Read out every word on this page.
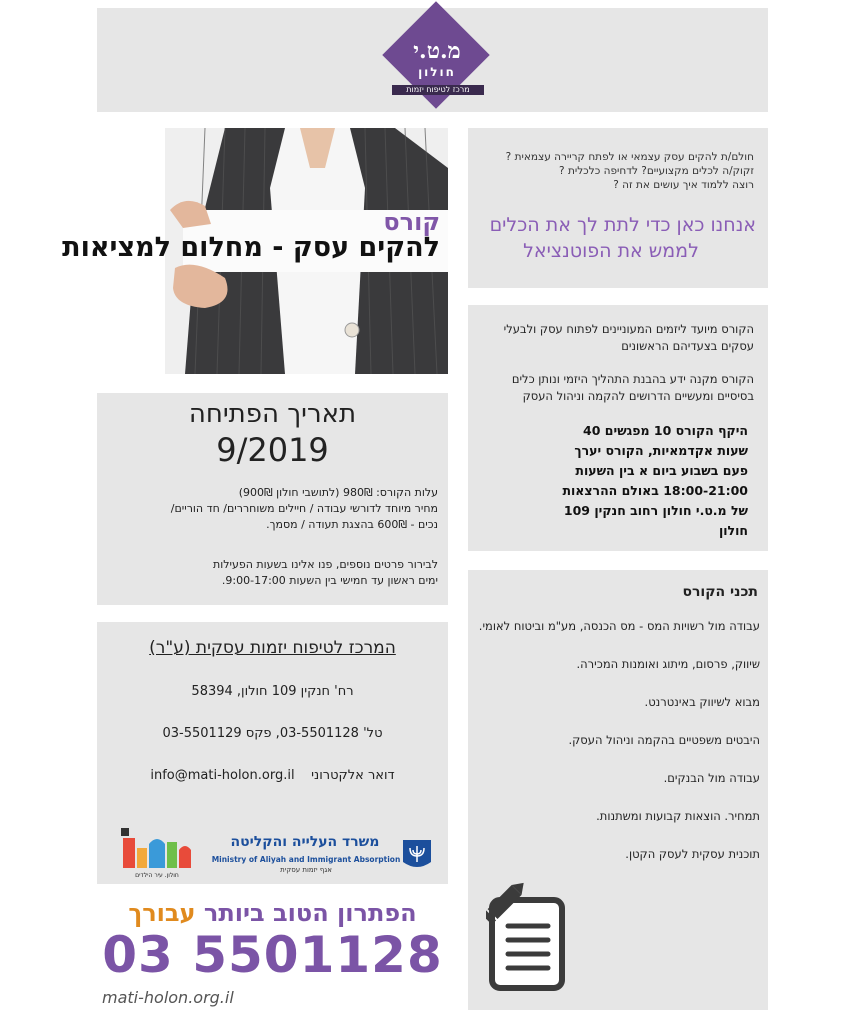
מ.ט.י
חולון
מרכז לטיפוח יזמות
קורס
להקים עסק - מחלום למציאות
חולם/ת להקים עסק עצמאי או לפתח קריירה עצמאית ?
זקוק/ה לכלים מקצועיים? לדחיפה כלכלית ?
רוצה ללמוד איך עושים את זה ?
אנחנו כאן כדי לתת לך את הכלים
לממש את הפוטנציאל
הקורס מיועד ליזמים המעוניינים לפתוח עסק ולבעלי עסקים בצעדיהם הראשונים
הקורס מקנה ידע בהבנת התהליך היזמי ונותן כלים בסיסיים ומעשיים הדרושים להקמה וניהול העסק
היקף הקורס 10 מפגשים 40
שעות אקדמאיות, הקורס יערך
פעם בשבוע ביום א בין השעות
18:00-21:00 באולם ההרצאות
של מ.ט.י חולון רחוב חנקין 109
חולון
תאריך הפתיחה
9/2019
עלות הקורס: 980₪ (לתושבי חולון 900₪)
מחיר מיוחד לדורשי עבודה / חיילים משוחררים/ חד הוריים/
נכים - 600₪ בהצגת תעודה / מסמך.
לבירור פרטים נוספים, פנו אלינו בשעות הפעילות
ימים ראשון עד חמישי בין השעות 9:00-17:00.
תכני הקורס
עבודה מול רשויות המס - מס הכנסה, מע"מ וביטוח לאומי.
שיווק, פרסום, מיתוג ואומנות המכירה.
מבוא לשיווק באינטרנט.
היבטים משפטיים בהקמה וניהול העסק.
עבודה מול הבנקים.
תמחיר. הוצאות קבועות ומשתנות.
תוכנית עסקית לעסק הקטן.
המרכז לטיפוח יזמות עסקית (ע"ר)
רח' חנקין 109 חולון, 58394
טל' 03-5501128, פקס 03-5501129
דואר אלקטרוני    info@mati-holon.org.il
חולון. עיר הילדים
משרד העלייה והקליטה
Ministry of Aliyah and Immigrant Absorption
אגף יזמות עסקית
הפתרון הטוב ביותר עבורך
03 5501128
mati-holon.org.il
